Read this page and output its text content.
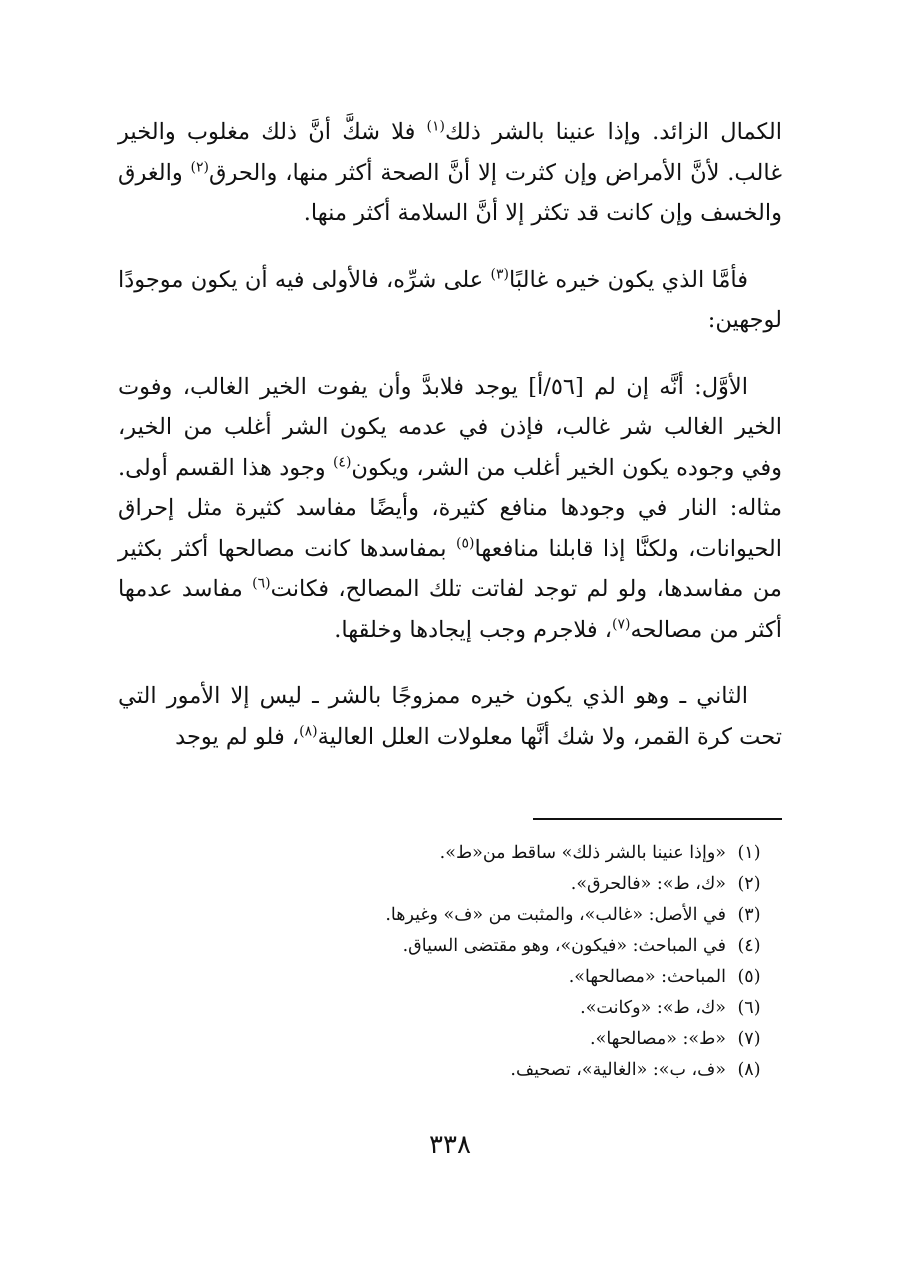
الكمال الزائد. وإذا عنينا بالشر ذلك$^{(١)}$ فلا شكَّ أنَّ ذلك مغلوب والخير غالب. لأنَّ الأمراض وإن كثرت إلا أنَّ الصحة أكثر منها، والحرق$^{(٢)}$ والغرق والخسف وإن كانت قد تكثر إلا أنَّ السلامة أكثر منها.

فأمَّا الذي يكون خيره غالبًا$^{(٣)}$ على شرِّه، فالأولى فيه أن يكون موجودًا لوجهين:

الأوَّل: أنَّه إن لم [٥٦/أ] يوجد فلابدَّ وأن يفوت الخير الغالب، وفوت الخير الغالب شر غالب، فإذن في عدمه يكون الشر أغلب من الخير، وفي وجوده يكون الخير أغلب من الشر، ويكون$^{(٤)}$ وجود هذا القسم أولى. مثاله: النار في وجودها منافع كثيرة، وأيضًا مفاسد كثيرة مثل إحراق الحيوانات، ولكنَّا إذا قابلنا منافعها$^{(٥)}$ بمفاسدها كانت مصالحها أكثر بكثير من مفاسدها، ولو لم توجد لفاتت تلك المصالح، فكانت$^{(٦)}$ مفاسد عدمها أكثر من مصالحه$^{(٧)}$، فلاجرم وجب إيجادها وخلقها.

الثاني ـ وهو الذي يكون خيره ممزوجًا بالشر ـ ليس إلا الأمور التي تحت كرة القمر، ولا شك أنَّها معلولات العلل العالية$^{(٨)}$، فلو لم يوجد

(١)«وإذا عنينا بالشر ذلك» ساقط من«ط».
(٢)«ك، ط»: «فالحرق».
(٣)في الأصل: «غالب»، والمثبت من «ف» وغيرها.
(٤)في المباحث: «فيكون»، وهو مقتضى السياق.
(٥)المباحث: «مصالحها».
(٦)«ك، ط»: «وكانت».
(٧)«ط»: «مصالحها».
(٨)«ف، ب»: «الغالية»، تصحيف.
٣٣٨
